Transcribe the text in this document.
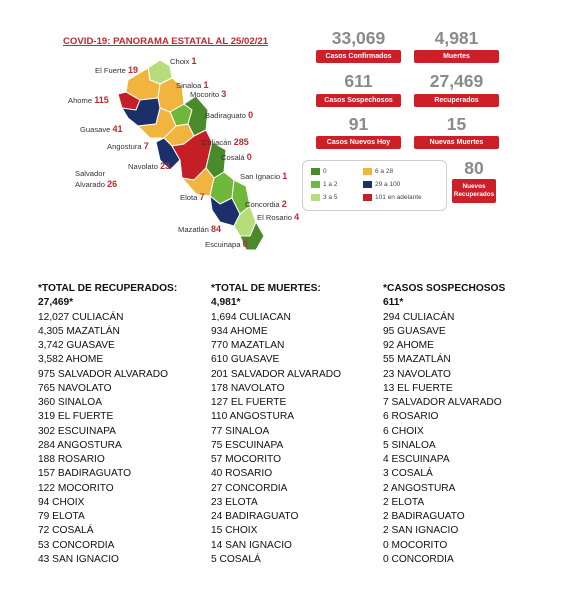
COVID-19: PANORAMA ESTATAL AL 25/02/21
Choix 1
El Fuerte 19
Sinaloa 1
Mocorito 3
Ahome 115
Badiraguato 0
Guasave 41
Angostura 7	Culiacán 285
Cosalá 0
Navolato 23
Salvador
Alvarado 26
San Ignacio 1
Elota 7
Concordia 2
El Rosario 4
Mazatlán 84
Escuinapa 0
33,069
Casos Confirmados
4,981
Muertes
611
Casos Sospechosos
27,469
Recuperados
91
Casos Nuevos Hoy
15
Nuevas Muertes
0
1 a 2
3 a 5
6 a 28
29 a 100
101 en adelante
80
Nuevos Recuperados
*TOTAL DE RECUPERADOS:
27,469*
12,027 CULIACÁN
4,305 MAZATLÁN
3,742 GUASAVE
3,582 AHOME
975 SALVADOR ALVARADO
765 NAVOLATO
360 SINALOA
319 EL FUERTE
302 ESCUINAPA
284 ANGOSTURA
188 ROSARIO
157 BADIRAGUATO
122 MOCORITO
94 CHOIX
79 ELOTA
72 COSALÁ
53 CONCORDIA
43 SAN IGNACIO
*TOTAL DE MUERTES:
4,981*
1,694 CULIACAN
934 AHOME
770 MAZATLAN
610 GUASAVE
201 SALVADOR ALVARADO
178 NAVOLATO
127 EL FUERTE
110 ANGOSTURA
77 SINALOA
75 ESCUINAPA
57 MOCORITO
40 ROSARIO
27 CONCORDIA
23 ELOTA
24 BADIRAGUATO
15 CHOIX
14 SAN IGNACIO
5 COSALÁ
*CASOS SOSPECHOSOS
611*
294 CULIACÁN
95 GUASAVE
92 AHOME
55 MAZATLÁN
23 NAVOLATO
13 EL FUERTE
7 SALVADOR ALVARADO
6 ROSARIO
6 CHOIX
5 SINALOA
4 ESCUINAPA
3 COSALÁ
2 ANGOSTURA
2 ELOTA
2 BADIRAGUATO
2 SAN IGNACIO
0 MOCORITO
0 CONCORDIA
